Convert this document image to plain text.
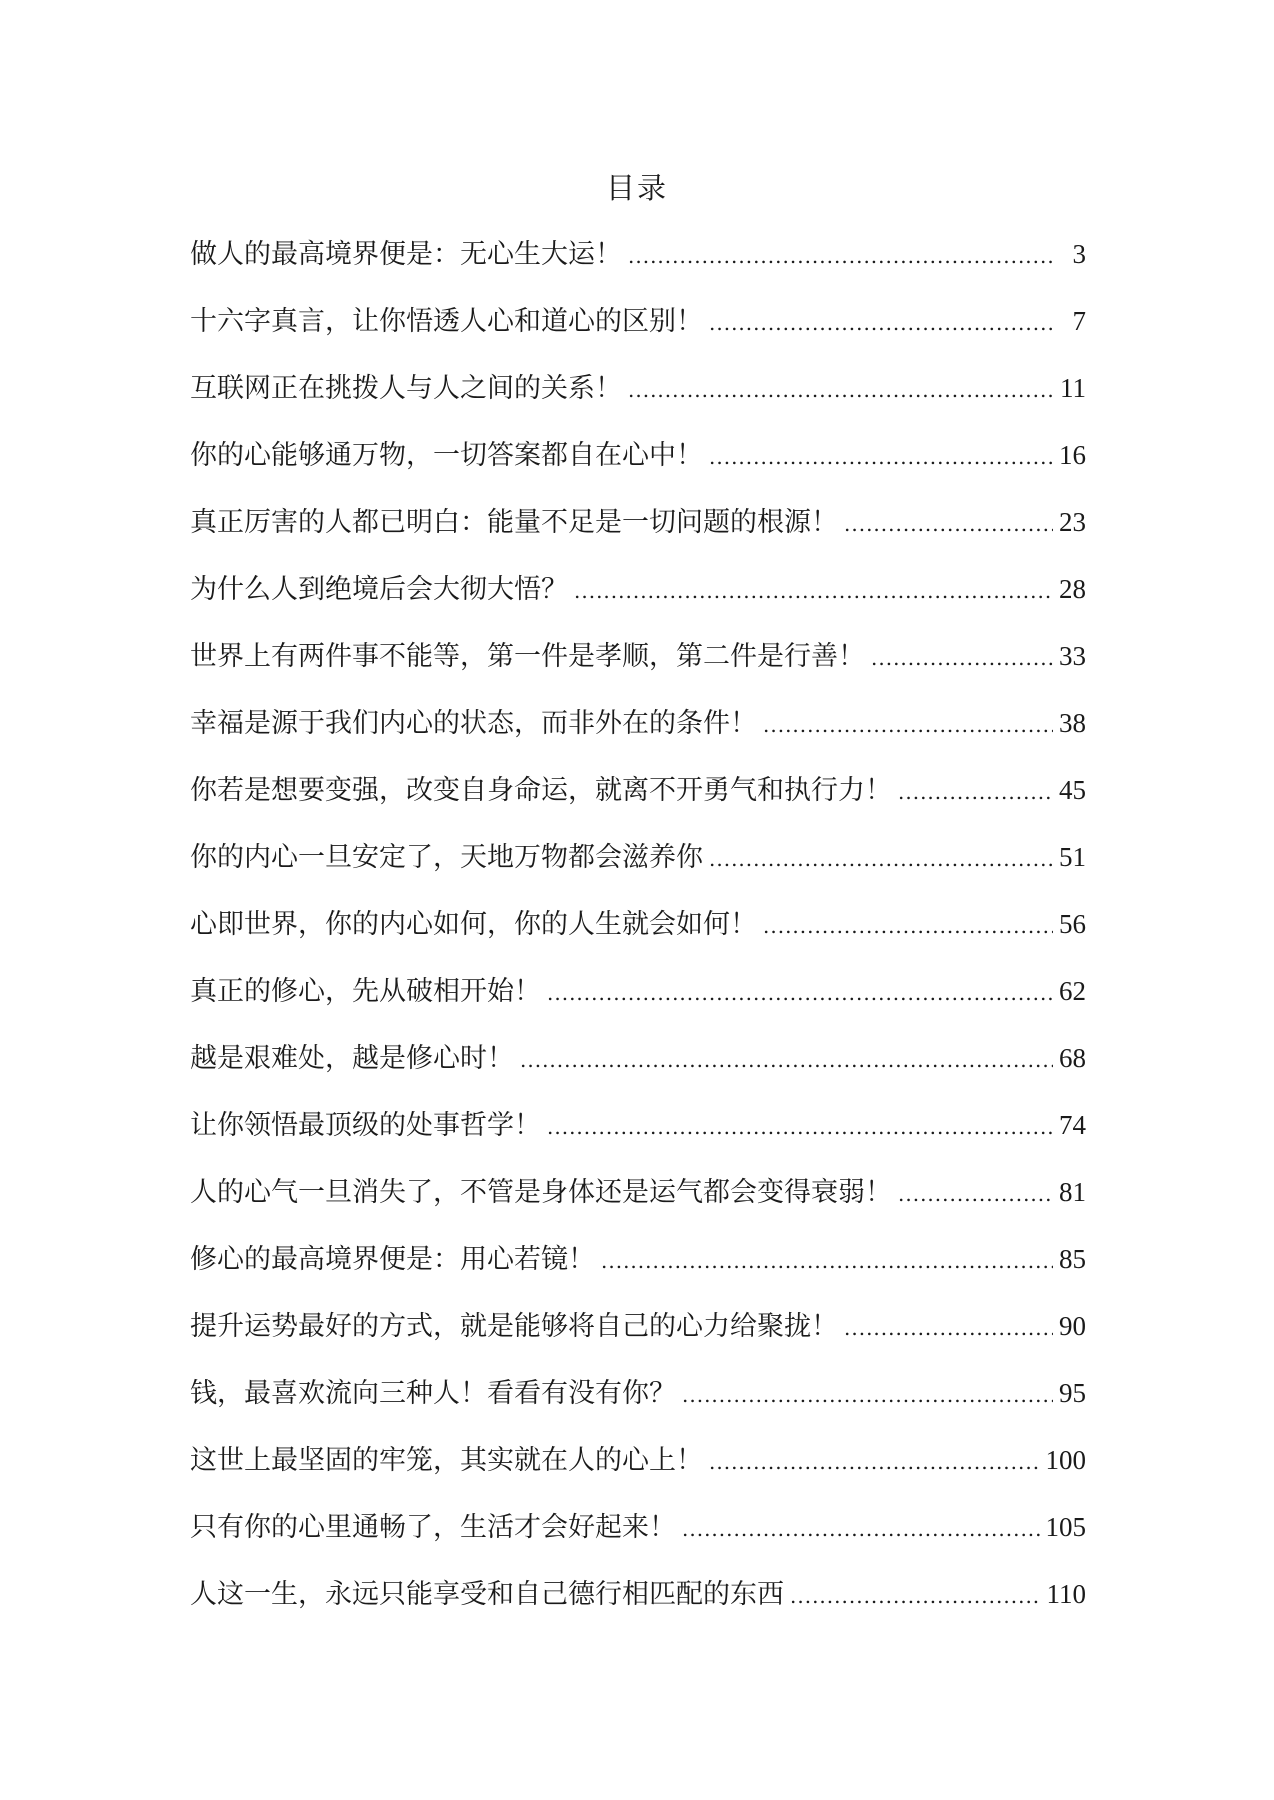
目录
做人的最高境界便是：无心生大运！ .....	3
十六字真言，让你悟透人心和道心的区别！ .....	7
互联网正在挑拨人与人之间的关系！ .....	11
你的心能够通万物，一切答案都自在心中！ .....	16
真正厉害的人都已明白：能量不足是一切问题的根源！ .....	23
为什么人到绝境后会大彻大悟？ .....	28
世界上有两件事不能等，第一件是孝顺，第二件是行善！ .....	33
幸福是源于我们内心的状态，而非外在的条件！ .....	38
你若是想要变强，改变自身命运，就离不开勇气和执行力！ .....	45
你的内心一旦安定了，天地万物都会滋养你 .....	51
心即世界，你的内心如何，你的人生就会如何！ .....	56
真正的修心，先从破相开始！ .....	62
越是艰难处，越是修心时！ .....	68
让你领悟最顶级的处事哲学！ .....	74
人的心气一旦消失了，不管是身体还是运气都会变得衰弱！ .....	81
修心的最高境界便是：用心若镜！ .....	85
提升运势最好的方式，就是能够将自己的心力给聚拢！ .....	90
钱，最喜欢流向三种人！看看有没有你？ .....	95
这世上最坚固的牢笼，其实就在人的心上！ .....	100
只有你的心里通畅了，生活才会好起来！ .....	105
人这一生，永远只能享受和自己德行相匹配的东西 .....	110
